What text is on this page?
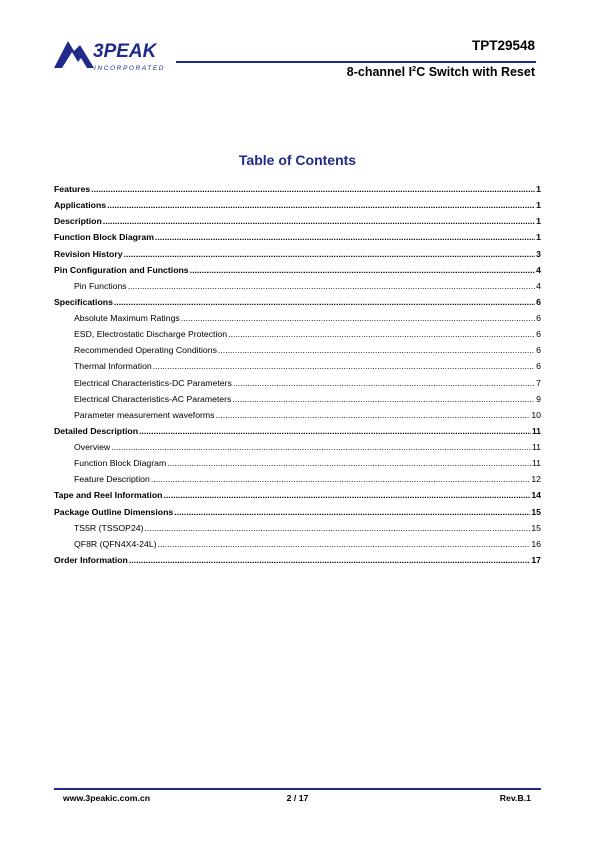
3PEAK
INCORPORATED
TPT29548
8-channel $I^2C$ Switch with Reset
Table of Contents
Features .....	1
Applications .....	1
Description .....	1
Function Block Diagram .....	1
Revision History .....	3
Pin Configuration and Functions .....	4
Pin Functions .....	4
Specifications .....	6
Absolute Maximum Ratings .....	6
ESD, Electrostatic Discharge Protection .....	6
Recommended Operating Conditions .....	6
Thermal Information .....	6
Electrical Characteristics-DC Parameters .....	7
Electrical Characteristics-AC Parameters .....	9
Parameter measurement waveforms .....	10
Detailed Description .....	11
Overview .....	11
Function Block Diagram .....	11
Feature Description .....	12
Tape and Reel Information .....	14
Package Outline Dimensions .....	15
TS5R (TSSOP24) .....	15
QF8R (QFN4X4-24L) .....	16
Order Information .....	17
www.3peakic.com.cn	2 / 17	Rev.B.1
